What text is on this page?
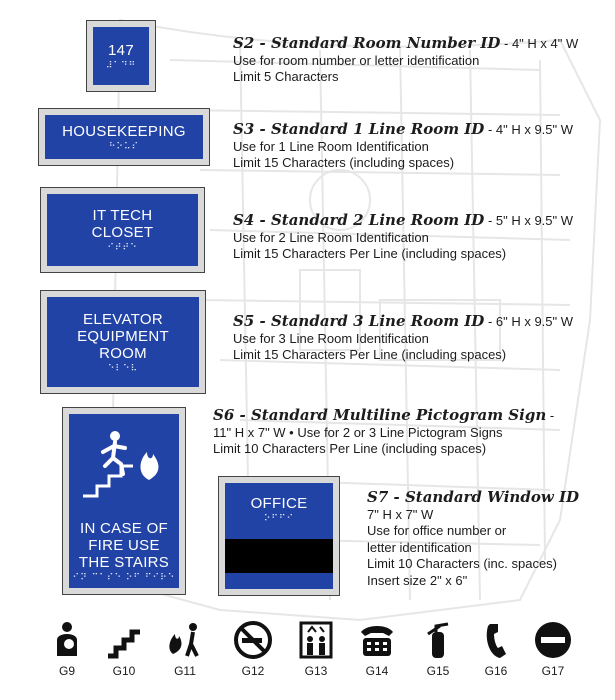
147
⠼⠁⠙⠛
S2 - Standard Room Number ID - 4" H x 4" W
Use for room number or letter identification
Limit 5 Characters
HOUSEKEEPING
⠓⠕⠥⠎
S3 - Standard 1 Line Room ID - 4" H x 9.5" W
Use for 1 Line Room Identification
Limit 15 Characters (including spaces)
IT TECH
CLOSET
⠊⠞⠞⠑
S4 - Standard 2 Line Room ID - 5" H x 9.5" W
Use for 2 Line Room Identification
Limit 15 Characters Per Line (including spaces)
ELEVATOR
EQUIPMENT
ROOM
⠑⠇⠑⠧
S5 - Standard 3 Line Room ID - 6" H x 9.5" W
Use for 3 Line Room Identification
Limit 15 Characters Per Line (including spaces)
IN CASE OF
FIRE USE
THE STAIRS
⠊⠝ ⠉⠁⠎⠑ ⠕⠋ ⠋⠊⠗⠑
S6 - Standard Multiline Pictogram Sign -
11" H x 7" W • Use for 2 or 3 Line Pictogram Signs
Limit 10 Characters Per Line (including spaces)
OFFICE
⠕⠋⠋⠊
S7 - Standard Window ID
7" H x 7" W
Use for office number or
letter identification
Limit 10 Characters (inc. spaces)
Insert size 2" x 6"
G9	G10	G11	G12	G13	G14	G15	G16	G17
